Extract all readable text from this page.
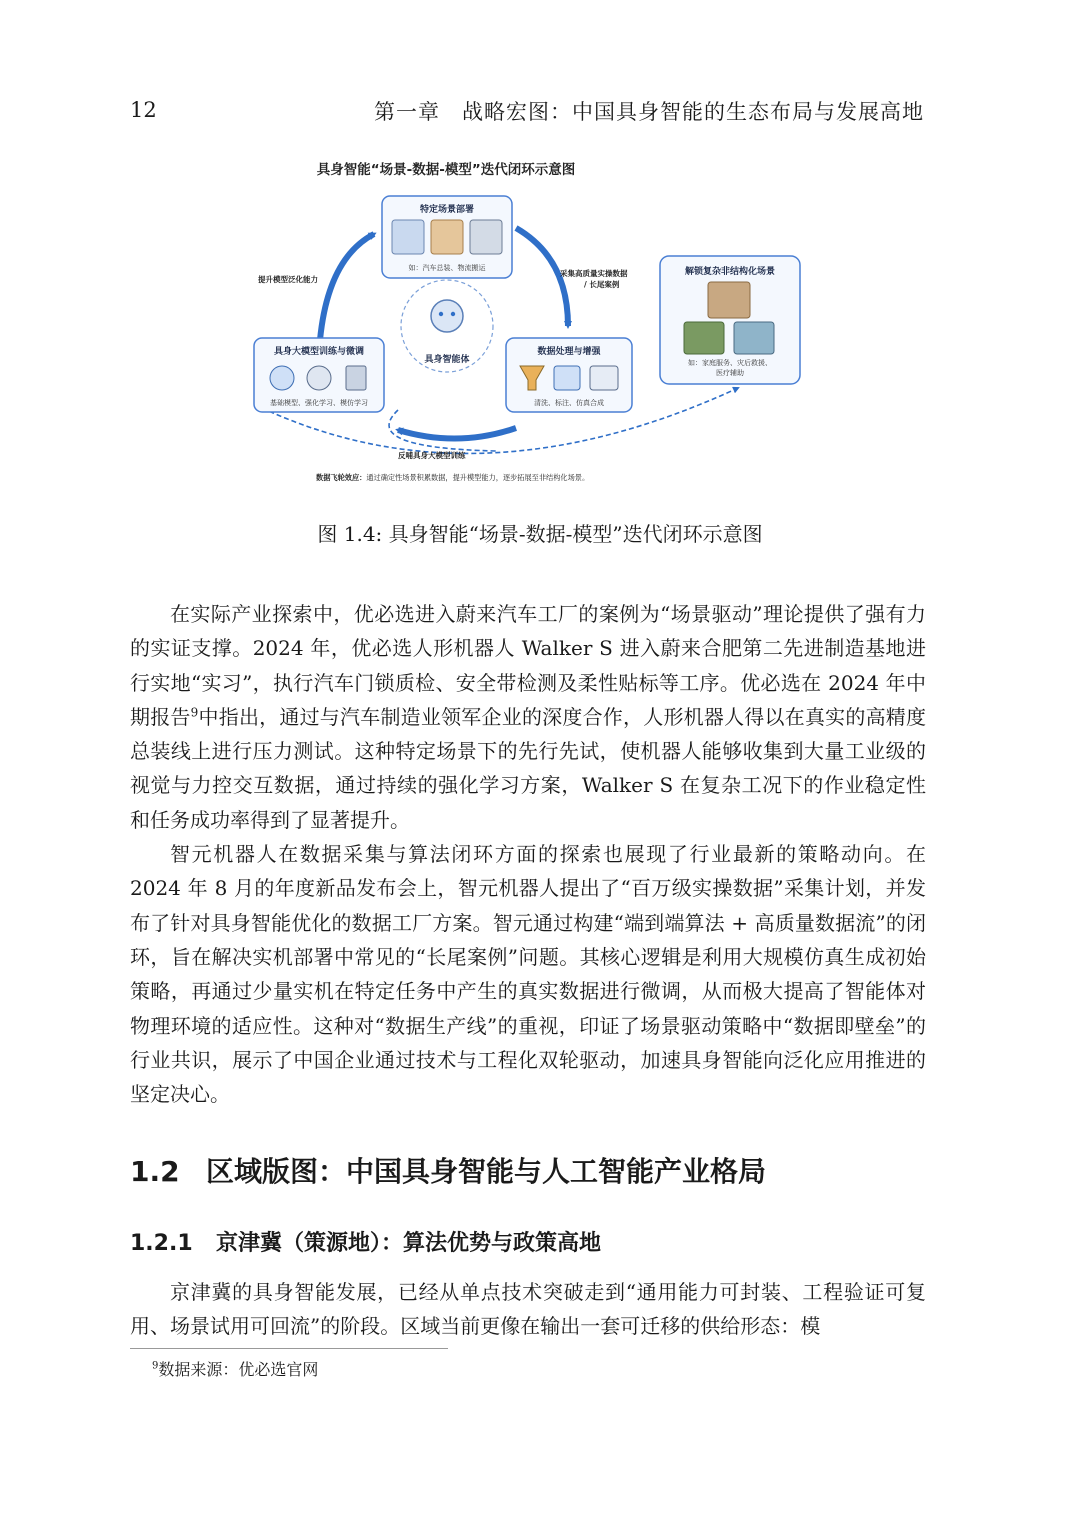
12	第一章　战略宏图：中国具身智能的生态布局与发展高地
具身智能“场景-数据-模型”迭代闭环示意图
特定场景部署
如：汽车总装、物流搬运
具身智能体
具身大模型训练与微调
基础模型、强化学习、模仿学习
数据处理与增强
清洗、标注、仿真合成
解锁复杂非结构化场景
如：家庭服务、灾后救援、
医疗辅助
提升模型泛化能力
采集高质量实操数据
/ 长尾案例
反哺具身大模型训练
数据飞轮效应：通过确定性场景积累数据，提升模型能力，逐步拓展至非结构化场景。
图 1.4: 具身智能“场景-数据-模型”迭代闭环示意图

在实际产业探索中，优必选进入蔚来汽车工厂的案例为“场景驱动”理论提供了强有力的实证支撑。2024 年，优必选人形机器人 Walker S 进入蔚来合肥第二先进制造基地进行实地“实习”，执行汽车门锁质检、安全带检测及柔性贴标等工序。优必选在 2024 年中期报告$^9$中指出，通过与汽车制造业领军企业的深度合作，人形机器人得以在真实的高精度总装线上进行压力测试。这种特定场景下的先行先试，使机器人能够收集到大量工业级的视觉与力控交互数据，通过持续的强化学习方案，Walker S 在复杂工况下的作业稳定性和任务成功率得到了显著提升。

智元机器人在数据采集与算法闭环方面的探索也展现了行业最新的策略动向。在 2024 年 8 月的年度新品发布会上，智元机器人提出了“百万级实操数据”采集计划，并发布了针对具身智能优化的数据工厂方案。智元通过构建“端到端算法 + 高质量数据流”的闭环，旨在解决实机部署中常见的“长尾案例”问题。其核心逻辑是利用大规模仿真生成初始策略，再通过少量实机在特定任务中产生的真实数据进行微调，从而极大提高了智能体对物理环境的适应性。这种对“数据生产线”的重视，印证了场景驱动策略中“数据即壁垒”的行业共识，展示了中国企业通过技术与工程化双轮驱动，加速具身智能向泛化应用推进的坚定决心。

1.2 区域版图：中国具身智能与人工智能产业格局
1.2.1 京津冀（策源地）：算法优势与政策高地

京津冀的具身智能发展，已经从单点技术突破走到“通用能力可封装、工程验证可复用、场景试用可回流”的阶段。区域当前更像在输出一套可迁移的供给形态：模

$^9$数据来源：优必选官网
